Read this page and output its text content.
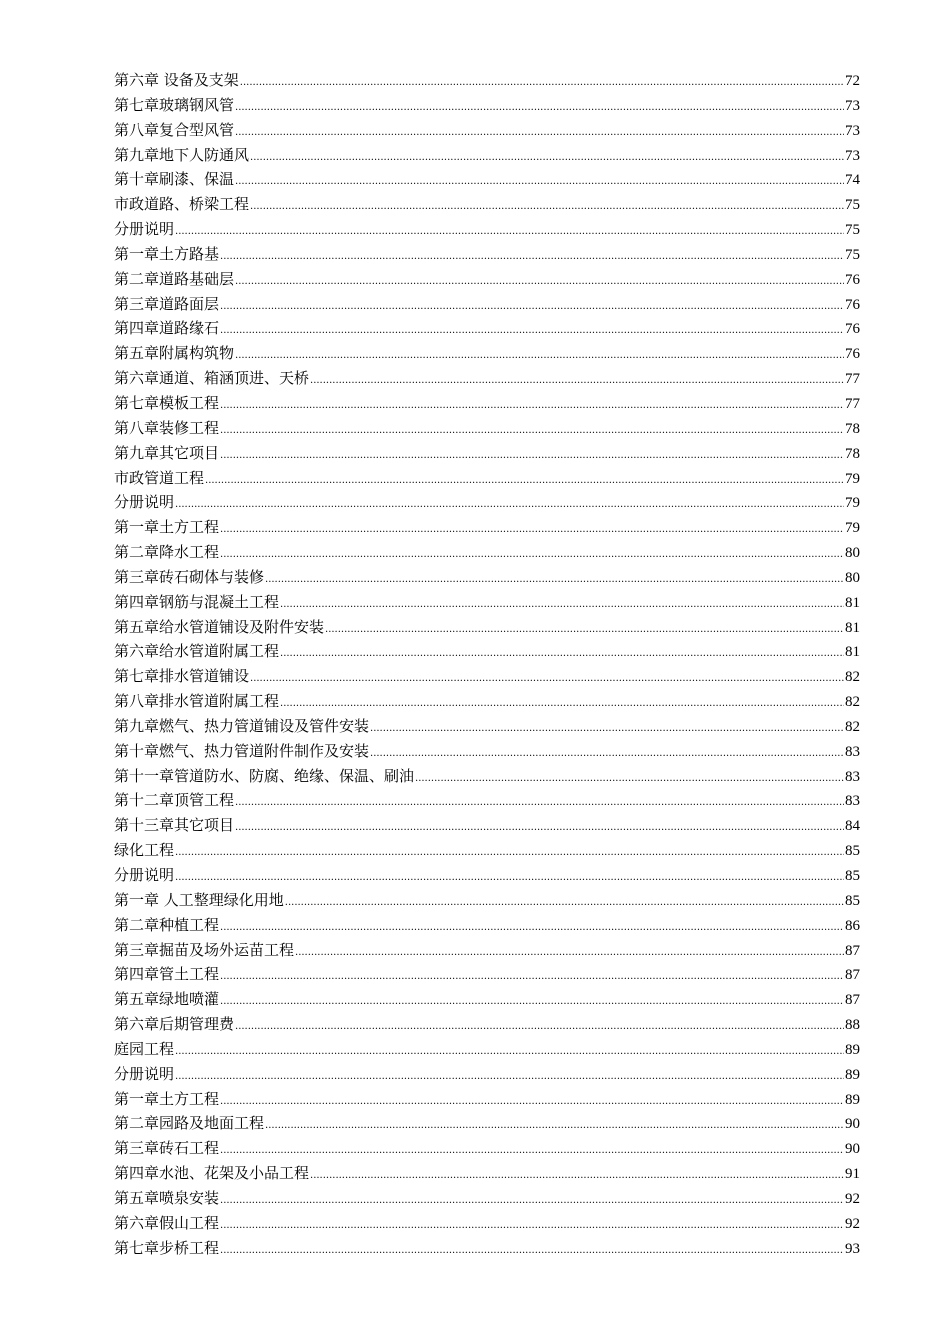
第六章 设备及支架 .....	72
第七章玻璃钢风管 .....	73
第八章复合型风管 .....	73
第九章地下人防通风 .....	73
第十章刷漆、保温 .....	74
市政道路、桥梁工程 .....	75
分册说明 .....	75
第一章土方路基 .....	75
第二章道路基础层 .....	76
第三章道路面层 .....	76
第四章道路缘石 .....	76
第五章附属构筑物 .....	76
第六章通道、箱涵顶进、天桥 .....	77
第七章模板工程 .....	77
第八章装修工程 .....	78
第九章其它项目 .....	78
市政管道工程 .....	79
分册说明 .....	79
第一章土方工程 .....	79
第二章降水工程 .....	80
第三章砖石砌体与装修 .....	80
第四章钢筋与混凝土工程 .....	81
第五章给水管道铺设及附件安装 .....	81
第六章给水管道附属工程 .....	81
第七章排水管道铺设 .....	82
第八章排水管道附属工程 .....	82
第九章燃气、热力管道铺设及管件安装 .....	82
第十章燃气、热力管道附件制作及安装 .....	83
第十一章管道防水、防腐、绝缘、保温、刷油 .....	83
第十二章顶管工程 .....	83
第十三章其它项目 .....	84
绿化工程 .....	85
分册说明 .....	85
第一章 人工整理绿化用地 .....	85
第二章种植工程 .....	86
第三章掘苗及场外运苗工程 .....	87
第四章管土工程 .....	87
第五章绿地喷灌 .....	87
第六章后期管理费 .....	88
庭园工程 .....	89
分册说明 .....	89
第一章土方工程 .....	89
第二章园路及地面工程 .....	90
第三章砖石工程 .....	90
第四章水池、花架及小品工程 .....	91
第五章喷泉安装 .....	92
第六章假山工程 .....	92
第七章步桥工程 .....	93
